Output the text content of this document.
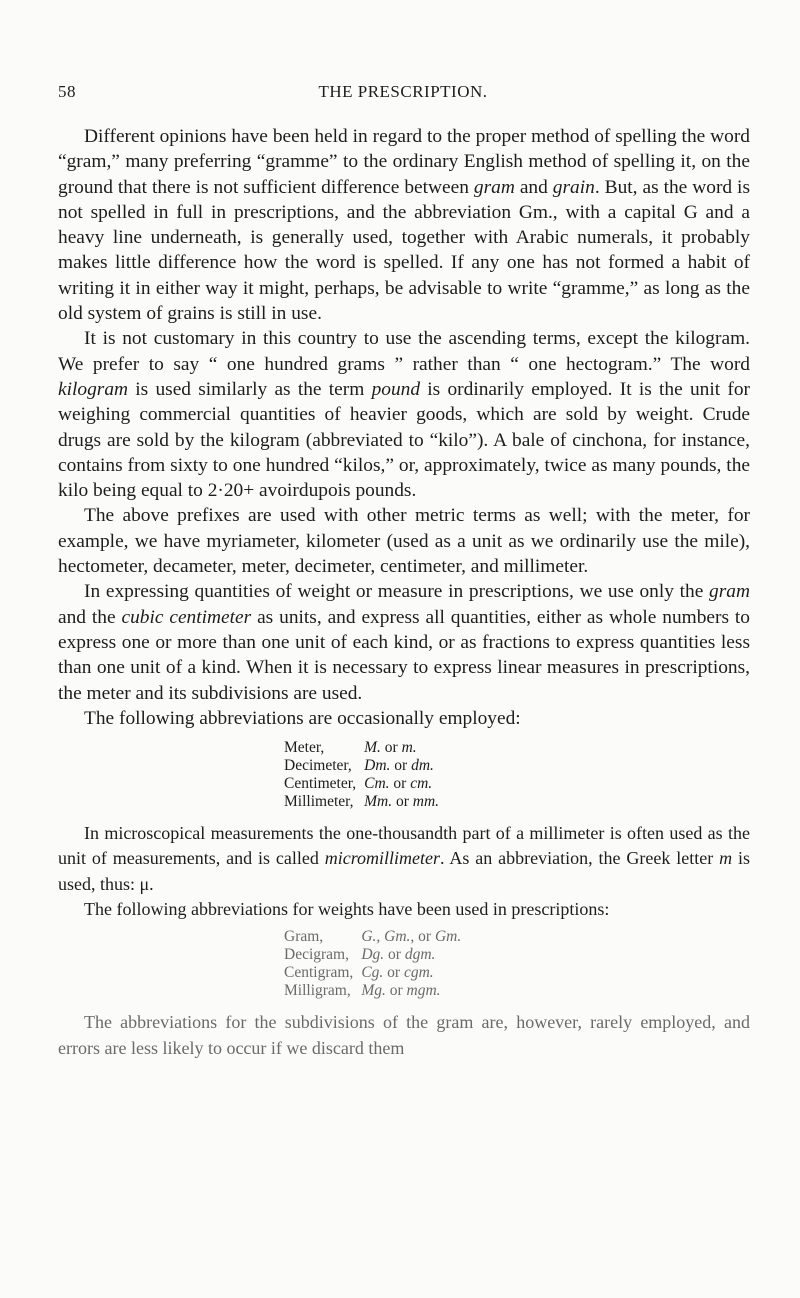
58	THE PRESCRIPTION.

Different opinions have been held in regard to the proper method of spelling the word “gram,” many preferring “gramme” to the ordinary English method of spelling it, on the ground that there is not sufficient difference between gram and grain. But, as the word is not spelled in full in prescriptions, and the abbreviation Gm., with a capital G and a heavy line underneath, is generally used, together with Arabic numerals, it probably makes little difference how the word is spelled. If any one has not formed a habit of writing it in either way it might, perhaps, be advisable to write “gramme,” as long as the old system of grains is still in use.

It is not customary in this country to use the ascending terms, except the kilogram. We prefer to say “ one hundred grams ” rather than “ one hectogram.” The word kilogram is used similarly as the term pound is ordinarily employed. It is the unit for weighing commercial quantities of heavier goods, which are sold by weight. Crude drugs are sold by the kilogram (abbreviated to “kilo”). A bale of cinchona, for instance, contains from sixty to one hundred “kilos,” or, approximately, twice as many pounds, the kilo being equal to 2·20+ avoirdupois pounds.

The above prefixes are used with other metric terms as well; with the meter, for example, we have myriameter, kilometer (used as a unit as we ordinarily use the mile), hectometer, decameter, meter, decimeter, centimeter, and millimeter.

In expressing quantities of weight or measure in prescriptions, we use only the gram and the cubic centimeter as units, and express all quantities, either as whole numbers to express one or more than one unit of each kind, or as fractions to express quantities less than one unit of a kind. When it is necessary to express linear measures in prescriptions, the meter and its subdivisions are used.

The following abbreviations are occasionally employed:

Meter,	M. or m.
Decimeter,	Dm. or dm.
Centimeter,	Cm. or cm.
Millimeter,	Mm. or mm.

In microscopical measurements the one-thousandth part of a millimeter is often used as the unit of measurements, and is called micromillimeter. As an abbreviation, the Greek letter m is used, thus: μ.

The following abbreviations for weights have been used in prescriptions:

Gram,	G., Gm., or Gm.
Decigram,	Dg. or dgm.
Centigram,	Cg. or cgm.
Milligram,	Mg. or mgm.

The abbreviations for the subdivisions of the gram are, however, rarely employed, and errors are less likely to occur if we discard them
